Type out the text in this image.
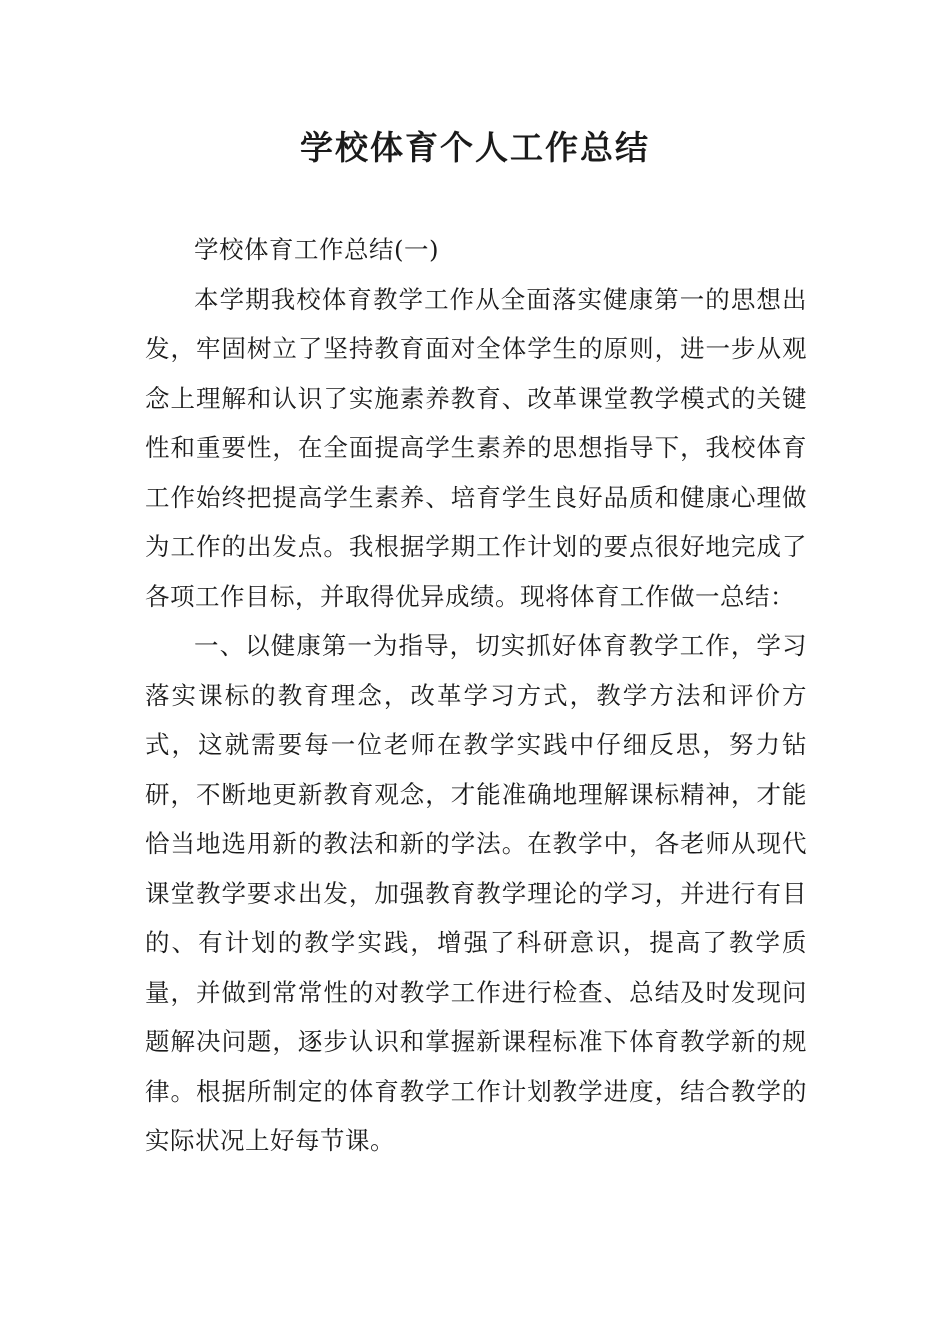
学校体育个人工作总结

学校体育工作总结(一)

本学期我校体育教学工作从全面落实健康第一的思想出发，牢固树立了坚持教育面对全体学生的原则，进一步从观念上理解和认识了实施素养教育、改革课堂教学模式的关键性和重要性，在全面提高学生素养的思想指导下，我校体育工作始终把提高学生素养、培育学生良好品质和健康心理做为工作的出发点。我根据学期工作计划的要点很好地完成了各项工作目标，并取得优异成绩。现将体育工作做一总结：

一、以健康第一为指导，切实抓好体育教学工作，学习落实课标的教育理念，改革学习方式，教学方法和评价方式，这就需要每一位老师在教学实践中仔细反思，努力钻研，不断地更新教育观念，才能准确地理解课标精神，才能恰当地选用新的教法和新的学法。在教学中，各老师从现代课堂教学要求出发，加强教育教学理论的学习，并进行有目的、有计划的教学实践，增强了科研意识，提高了教学质量，并做到常常性的对教学工作进行检查、总结及时发现问题解决问题，逐步认识和掌握新课程标准下体育教学新的规律。根据所制定的体育教学工作计划教学进度，结合教学的实际状况上好每节课。
